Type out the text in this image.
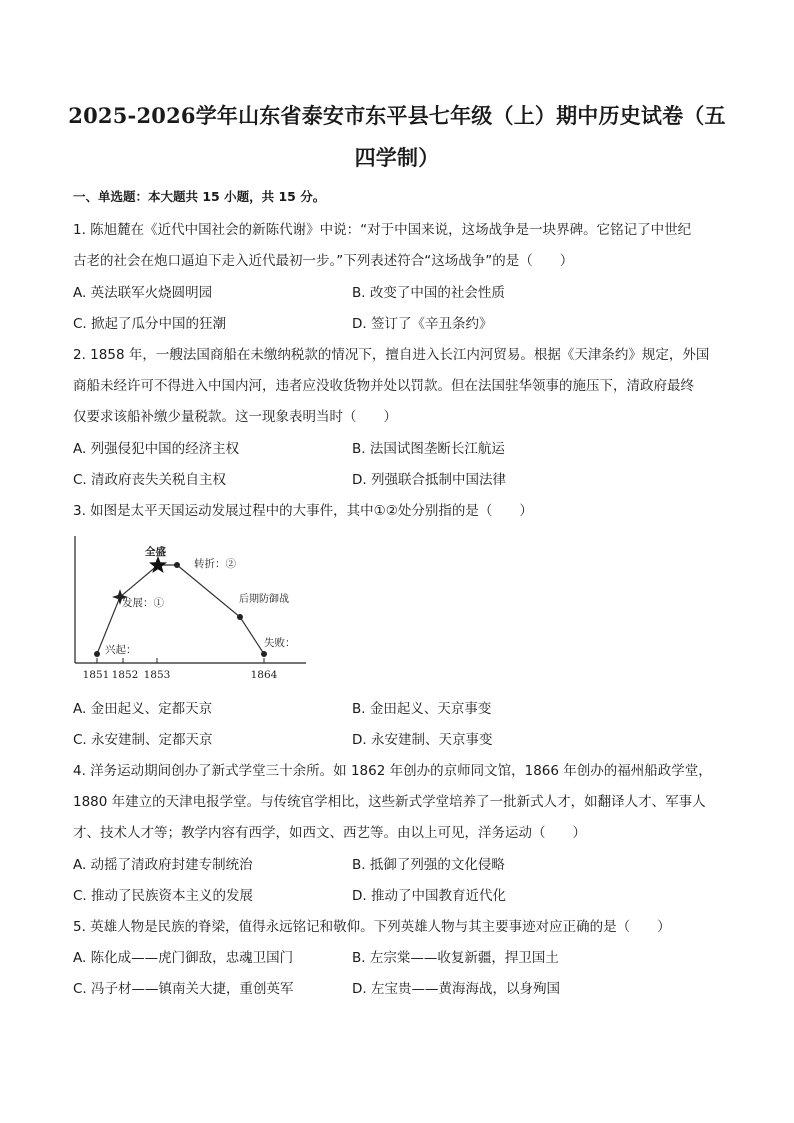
2025-2026学年山东省泰安市东平县七年级（上）期中历史试卷（五
四学制）
一、单选题：本大题共 15 小题，共 15 分。
1. 陈旭麓在《近代中国社会的新陈代谢》中说：“对于中国来说，这场战争是一块界碑。它铭记了中世纪
古老的社会在炮口逼迫下走入近代最初一步。”下列表述符合“这场战争”的是（　　）
A. 英法联军火烧圆明园	B. 改变了中国的社会性质
C. 掀起了瓜分中国的狂潮	D. 签订了《辛丑条约》
2. 1858 年，一艘法国商船在未缴纳税款的情况下，擅自进入长江内河贸易。根据《天津条约》规定，外国
商船未经许可不得进入中国内河，违者应没收货物并处以罚款。但在法国驻华领事的施压下，清政府最终
仅要求该船补缴少量税款。这一现象表明当时（　　）
A. 列强侵犯中国的经济主权	B. 法国试图垄断长江航运
C. 清政府丧失关税自主权	D. 列强联合抵制中国法律
3. 如图是太平天国运动发展过程中的大事件，其中①②处分别指的是（　　）
兴起：
发展：①
全盛
转折：②
后期防御战
失败：
1851 1852 1853	1864
A. 金田起义、定都天京	B. 金田起义、天京事变
C. 永安建制、定都天京	D. 永安建制、天京事变
4. 洋务运动期间创办了新式学堂三十余所。如 1862 年创办的京师同文馆，1866 年创办的福州船政学堂，
1880 年建立的天津电报学堂。与传统官学相比，这些新式学堂培养了一批新式人才，如翻译人才、军事人
才、技术人才等；教学内容有西学，如西文、西艺等。由以上可见，洋务运动（　　）
A. 动摇了清政府封建专制统治	B. 抵御了列强的文化侵略
C. 推动了民族资本主义的发展	D. 推动了中国教育近代化
5. 英雄人物是民族的脊梁，值得永远铭记和敬仰。下列英雄人物与其主要事迹对应正确的是（　　）
A. 陈化成——虎门御敌，忠魂卫国门	B. 左宗棠——收复新疆，捍卫国土
C. 冯子材——镇南关大捷，重创英军	D. 左宝贵——黄海海战，以身殉国
